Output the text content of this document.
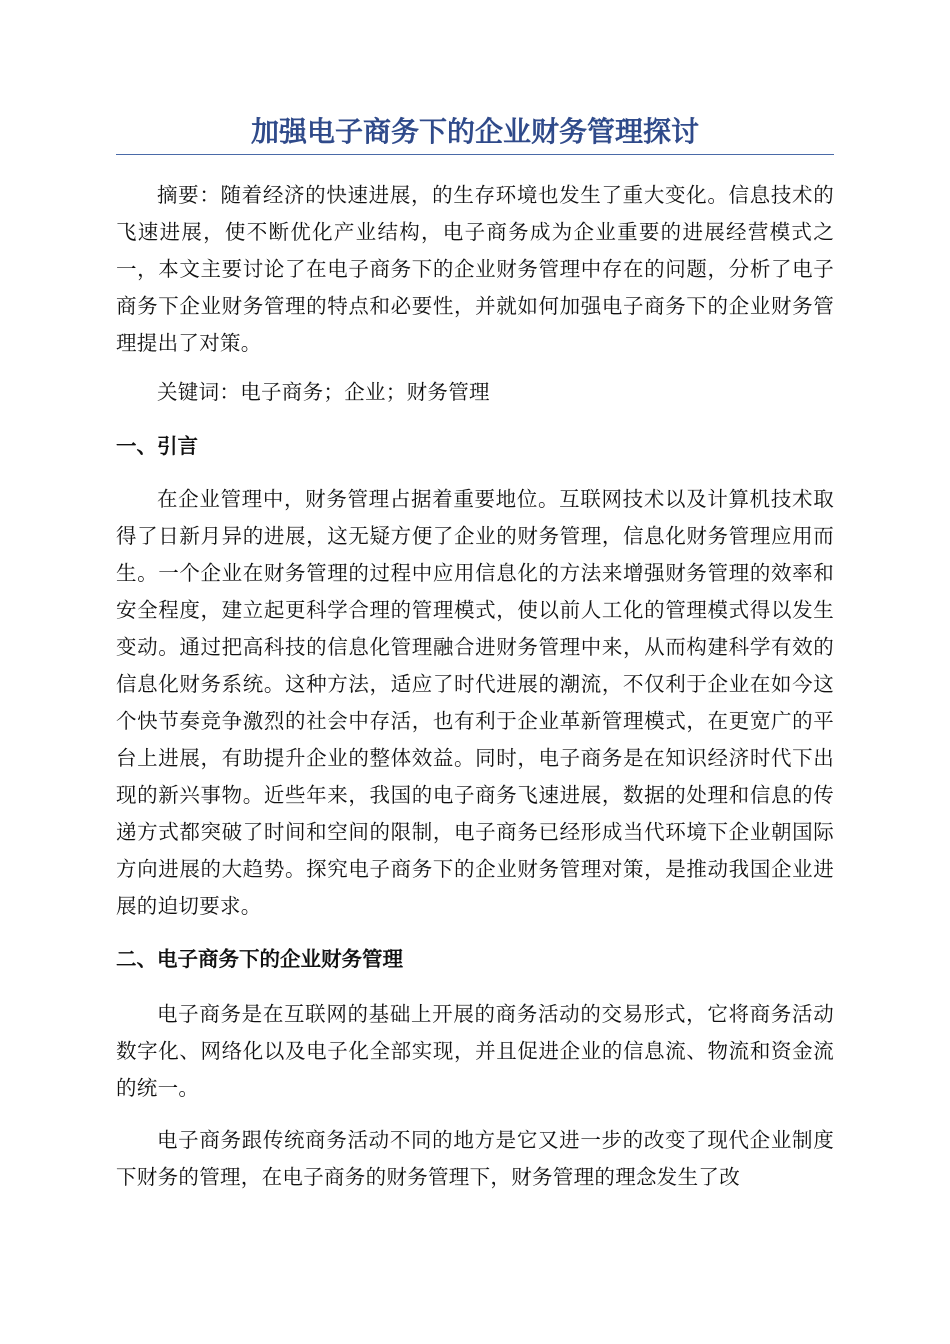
加强电子商务下的企业财务管理探讨

摘要：随着经济的快速进展，的生存环境也发生了重大变化。信息技术的飞速进展，使不断优化产业结构，电子商务成为企业重要的进展经营模式之一，本文主要讨论了在电子商务下的企业财务管理中存在的问题，分析了电子商务下企业财务管理的特点和必要性，并就如何加强电子商务下的企业财务管理提出了对策。

关键词：电子商务；企业；财务管理

一、引言

在企业管理中，财务管理占据着重要地位。互联网技术以及计算机技术取得了日新月异的进展，这无疑方便了企业的财务管理，信息化财务管理应用而生。一个企业在财务管理的过程中应用信息化的方法来增强财务管理的效率和安全程度，建立起更科学合理的管理模式，使以前人工化的管理模式得以发生变动。通过把高科技的信息化管理融合进财务管理中来，从而构建科学有效的信息化财务系统。这种方法，适应了时代进展的潮流，不仅利于企业在如今这个快节奏竞争激烈的社会中存活，也有利于企业革新管理模式，在更宽广的平台上进展，有助提升企业的整体效益。同时，电子商务是在知识经济时代下出现的新兴事物。近些年来，我国的电子商务飞速进展，数据的处理和信息的传递方式都突破了时间和空间的限制，电子商务已经形成当代环境下企业朝国际方向进展的大趋势。探究电子商务下的企业财务管理对策，是推动我国企业进展的迫切要求。

二、电子商务下的企业财务管理

电子商务是在互联网的基础上开展的商务活动的交易形式，它将商务活动数字化、网络化以及电子化全部实现，并且促进企业的信息流、物流和资金流的统一。

电子商务跟传统商务活动不同的地方是它又进一步的改变了现代企业制度下财务的管理，在电子商务的财务管理下，财务管理的理念发生了改
